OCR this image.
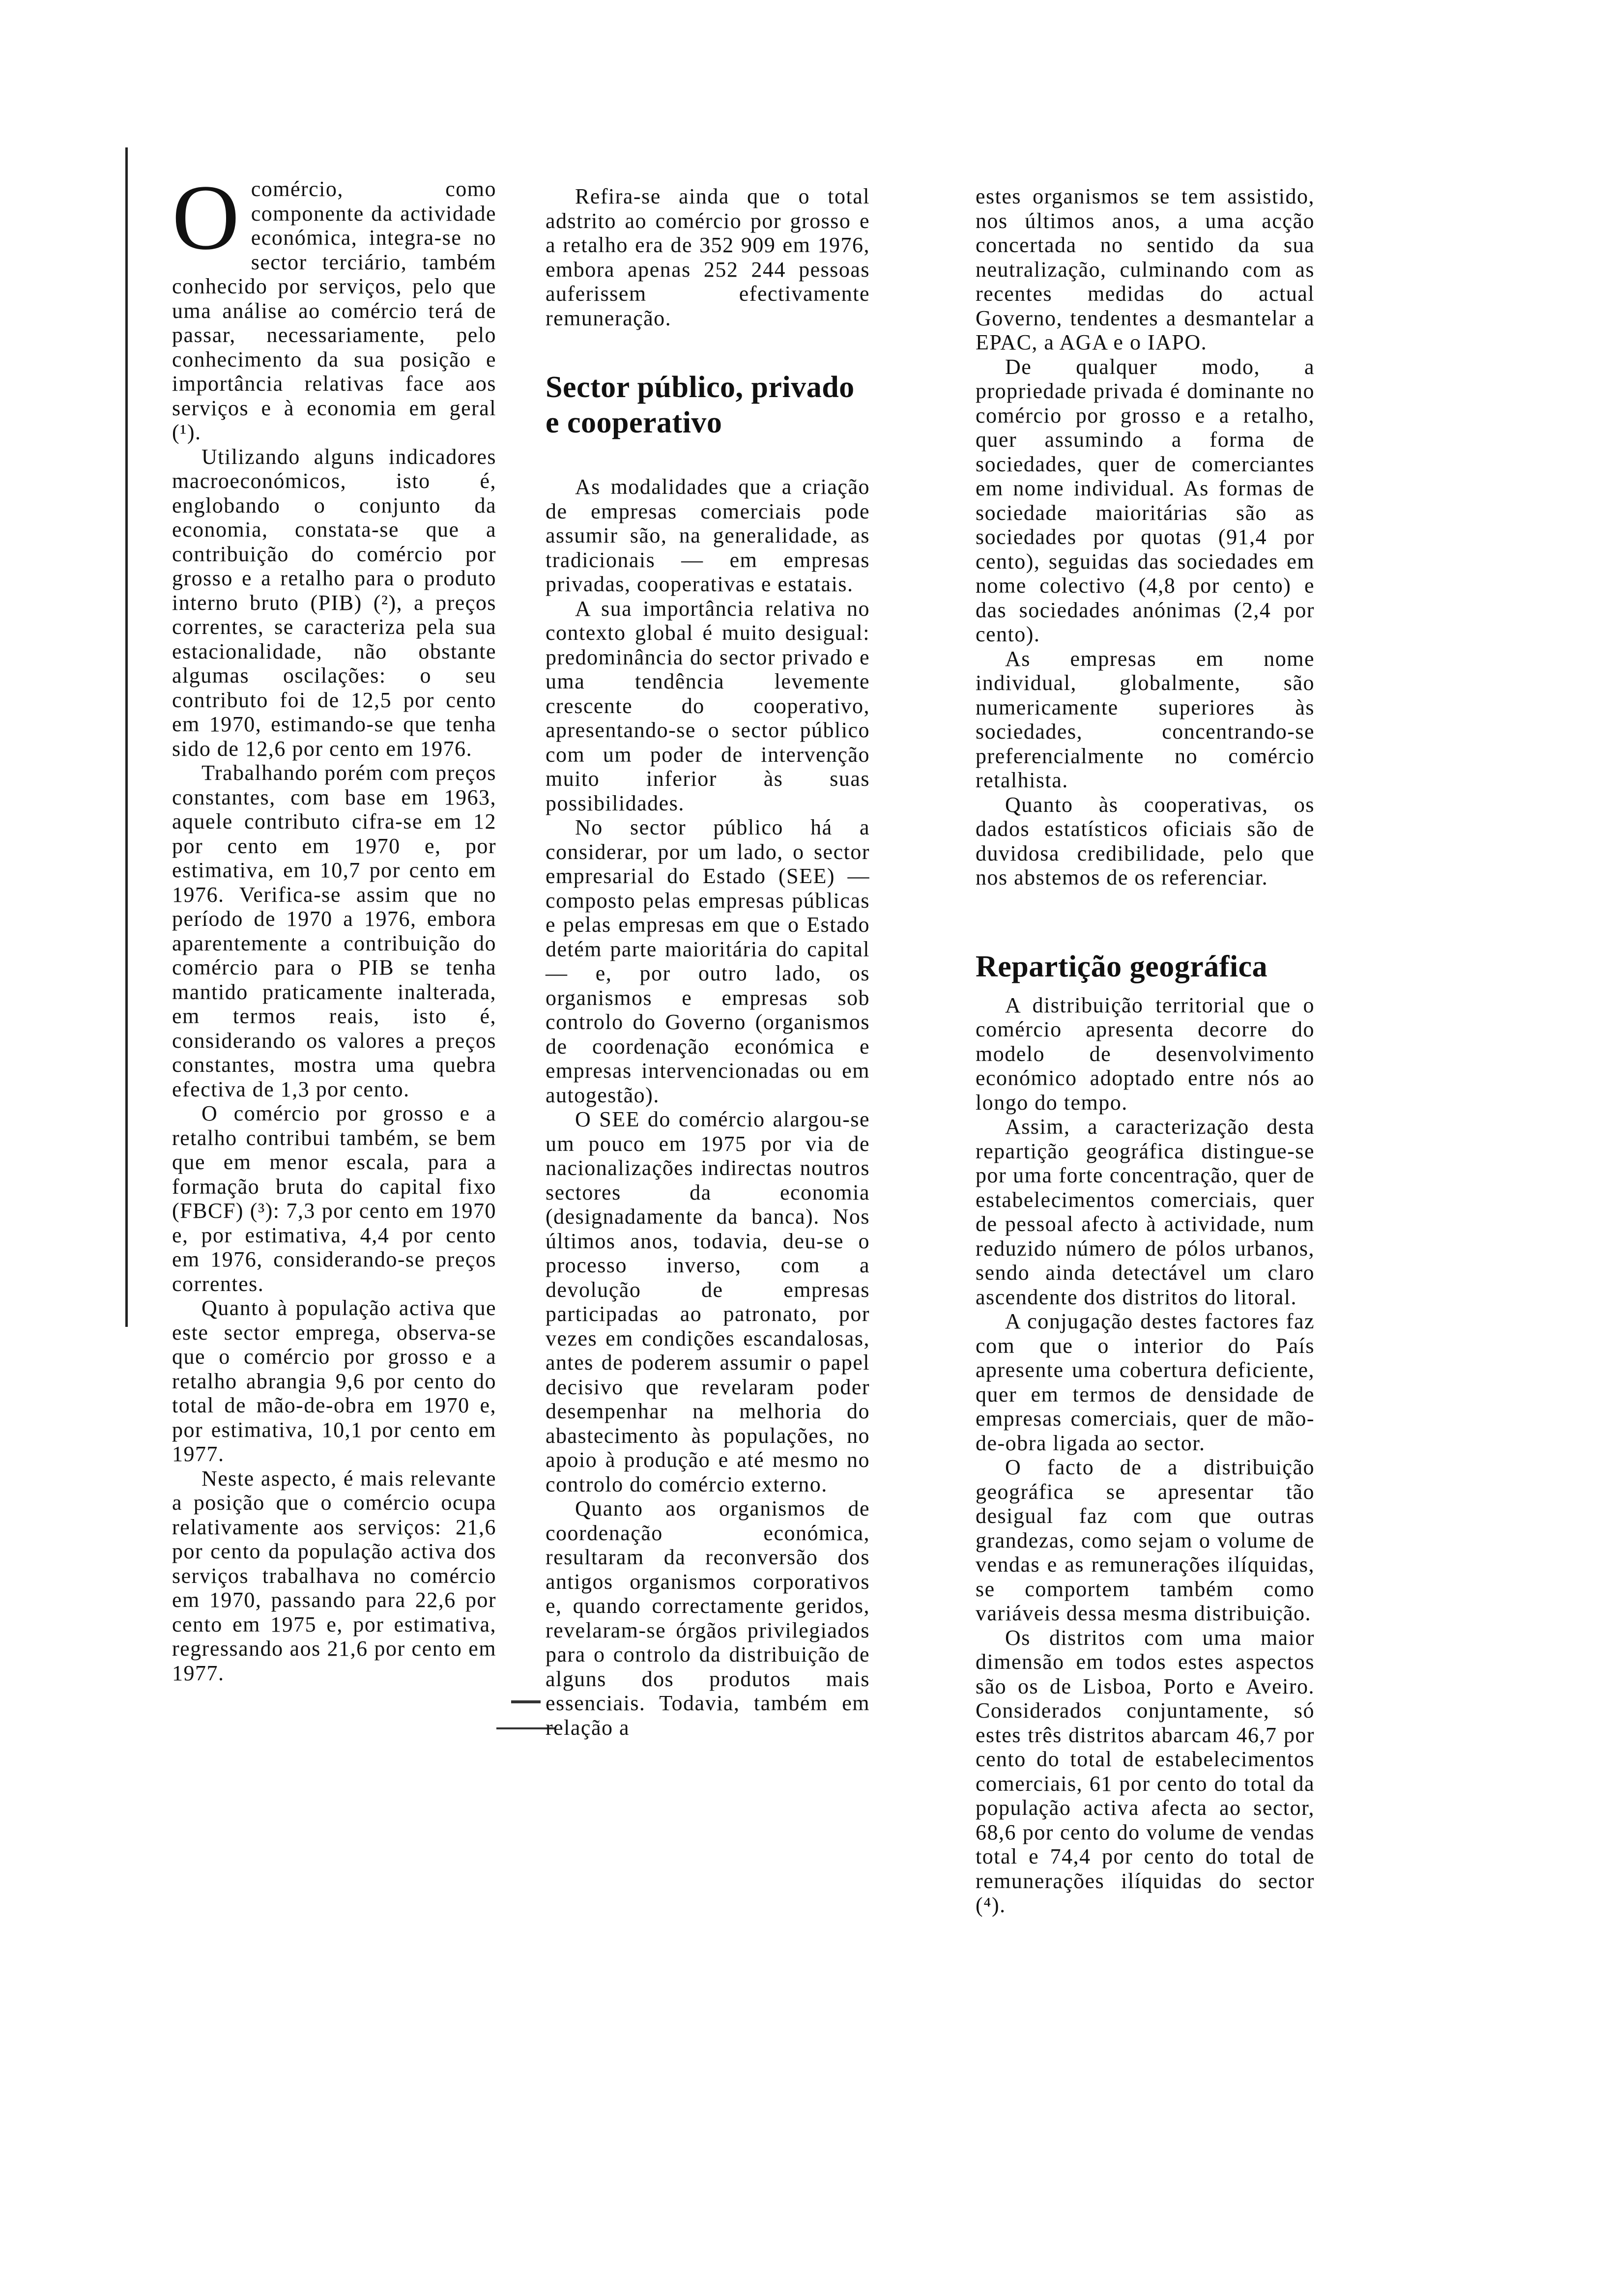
Ocomércio, como componente da actividade económica, integra-se no sector terciário, também conhecido por serviços, pelo que uma análise ao comércio terá de passar, necessariamente, pelo conhecimento da sua posição e importância relativas face aos serviços e à economia em geral (¹).

Utilizando alguns indicadores macroeconómicos, isto é, englobando o conjunto da economia, constata-se que a contribuição do comércio por grosso e a retalho para o produto interno bruto (PIB) (²), a preços correntes, se caracteriza pela sua estacionalidade, não obstante algumas oscilações: o seu contributo foi de 12,5 por cento em 1970, estimando-se que tenha sido de 12,6 por cento em 1976.

Trabalhando porém com preços constantes, com base em 1963, aquele contributo cifra-se em 12 por cento em 1970 e, por estimativa, em 10,7 por cento em 1976. Verifica-se assim que no período de 1970 a 1976, embora aparentemente a contribuição do comércio para o PIB se tenha mantido praticamente inalterada, em termos reais, isto é, considerando os valores a preços constantes, mostra uma quebra efectiva de 1,3 por cento.

O comércio por grosso e a retalho contribui também, se bem que em menor escala, para a formação bruta do capital fixo (FBCF) (³): 7,3 por cento em 1970 e, por estimativa, 4,4 por cento em 1976, considerando-se preços correntes.

Quanto à população activa que este sector emprega, observa-se que o comércio por grosso e a retalho abrangia 9,6 por cento do total de mão-de-obra em 1970 e, por estimativa, 10,1 por cento em 1977.

Neste aspecto, é mais relevante a posição que o comércio ocupa relativamente aos serviços: 21,6 por cento da população activa dos serviços trabalhava no comércio em 1970, passando para 22,6 por cento em 1975 e, por estimativa, regressando aos 21,6 por cento em 1977.

Refira-se ainda que o total adstrito ao comércio por grosso e a retalho era de 352 909 em 1976, embora apenas 252 244 pessoas auferissem efectivamente remuneração.

Sector público, privado e cooperativo

As modalidades que a criação de empresas comerciais pode assumir são, na generalidade, as tradicionais — em empresas privadas, cooperativas e estatais.

A sua importância relativa no contexto global é muito desigual: predominância do sector privado e uma tendência levemente crescente do cooperativo, apresentando-se o sector público com um poder de intervenção muito inferior às suas possibilidades.

No sector público há a considerar, por um lado, o sector empresarial do Estado (SEE) — composto pelas empresas públicas e pelas empresas em que o Estado detém parte maioritária do capital — e, por outro lado, os organismos e empresas sob controlo do Governo (organismos de coordenação económica e empresas intervencionadas ou em autogestão).

O SEE do comércio alargou-se um pouco em 1975 por via de nacionalizações indirectas noutros sectores da economia (designadamente da banca). Nos últimos anos, todavia, deu-se o processo inverso, com a devolução de empresas participadas ao patronato, por vezes em condições escandalosas, antes de poderem assumir o papel decisivo que revelaram poder desempenhar na melhoria do abastecimento às populações, no apoio à produção e até mesmo no controlo do comércio externo.

Quanto aos organismos de coordenação económica, resultaram da reconversão dos antigos organismos corporativos e, quando correctamente geridos, revelaram-se órgãos privilegiados para o controlo da distribuição de alguns dos produtos mais essenciais. Todavia, também em relação a

estes organismos se tem assistido, nos últimos anos, a uma acção concertada no sentido da sua neutralização, culminando com as recentes medidas do actual Governo, tendentes a desmantelar a EPAC, a AGA e o IAPO.

De qualquer modo, a propriedade privada é dominante no comércio por grosso e a retalho, quer assumindo a forma de sociedades, quer de comerciantes em nome individual. As formas de sociedade maioritárias são as sociedades por quotas (91,4 por cento), seguidas das sociedades em nome colectivo (4,8 por cento) e das sociedades anónimas (2,4 por cento).

As empresas em nome individual, globalmente, são numericamente superiores às sociedades, concentrando-se preferencialmente no comércio retalhista.

Quanto às cooperativas, os dados estatísticos oficiais são de duvidosa credibilidade, pelo que nos abstemos de os referenciar.

Repartição geográfica

A distribuição territorial que o comércio apresenta decorre do modelo de desenvolvimento económico adoptado entre nós ao longo do tempo.

Assim, a caracterização desta repartição geográfica distingue-se por uma forte concentração, quer de estabelecimentos comerciais, quer de pessoal afecto à actividade, num reduzido número de pólos urbanos, sendo ainda detectável um claro ascendente dos distritos do litoral.

A conjugação destes factores faz com que o interior do País apresente uma cobertura deficiente, quer em termos de densidade de empresas comerciais, quer de mão-de-obra ligada ao sector.

O facto de a distribuição geográfica se apresentar tão desigual faz com que outras grandezas, como sejam o volume de vendas e as remunerações ilíquidas, se comportem também como variáveis dessa mesma distribuição.

Os distritos com uma maior dimensão em todos estes aspectos são os de Lisboa, Porto e Aveiro. Considerados conjuntamente, só estes três distritos abarcam 46,7 por cento do total de estabelecimentos comerciais, 61 por cento do total da população activa afecta ao sector, 68,6 por cento do volume de vendas total e 74,4 por cento do total de remunerações ilíquidas do sector (⁴).
